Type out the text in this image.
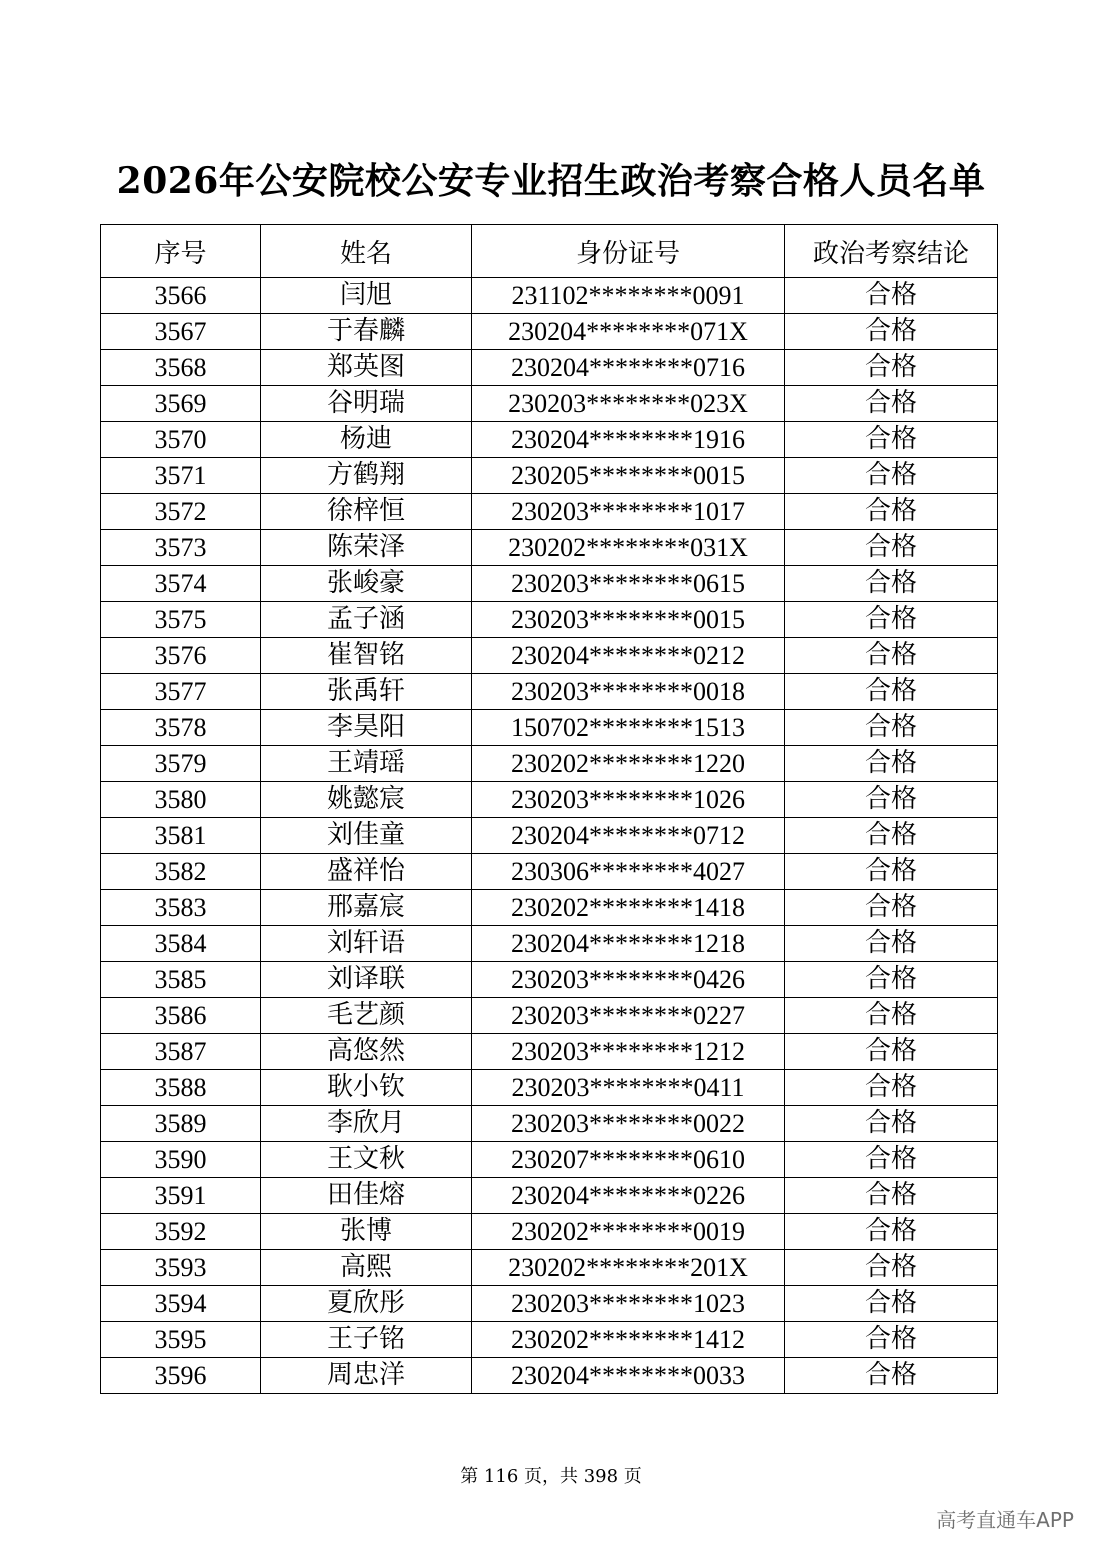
2026年公安院校公安专业招生政治考察合格人员名单
序号	姓名	身份证号	政治考察结论
3566	闫旭	231102********0091	合格
3567	于春麟	230204********071X	合格
3568	郑英图	230204********0716	合格
3569	谷明瑞	230203********023X	合格
3570	杨迪	230204********1916	合格
3571	方鹤翔	230205********0015	合格
3572	徐梓恒	230203********1017	合格
3573	陈荣泽	230202********031X	合格
3574	张峻豪	230203********0615	合格
3575	孟子涵	230203********0015	合格
3576	崔智铭	230204********0212	合格
3577	张禹轩	230203********0018	合格
3578	李昊阳	150702********1513	合格
3579	王靖瑶	230202********1220	合格
3580	姚懿宸	230203********1026	合格
3581	刘佳童	230204********0712	合格
3582	盛祥怡	230306********4027	合格
3583	邢嘉宸	230202********1418	合格
3584	刘轩语	230204********1218	合格
3585	刘译联	230203********0426	合格
3586	毛艺颜	230203********0227	合格
3587	高悠然	230203********1212	合格
3588	耿小钦	230203********0411	合格
3589	李欣月	230203********0022	合格
3590	王文秋	230207********0610	合格
3591	田佳熔	230204********0226	合格
3592	张博	230202********0019	合格
3593	高熙	230202********201X	合格
3594	夏欣彤	230203********1023	合格
3595	王子铭	230202********1412	合格
3596	周忠洋	230204********0033	合格
第 116 页，共 398 页
高考直通车APP
